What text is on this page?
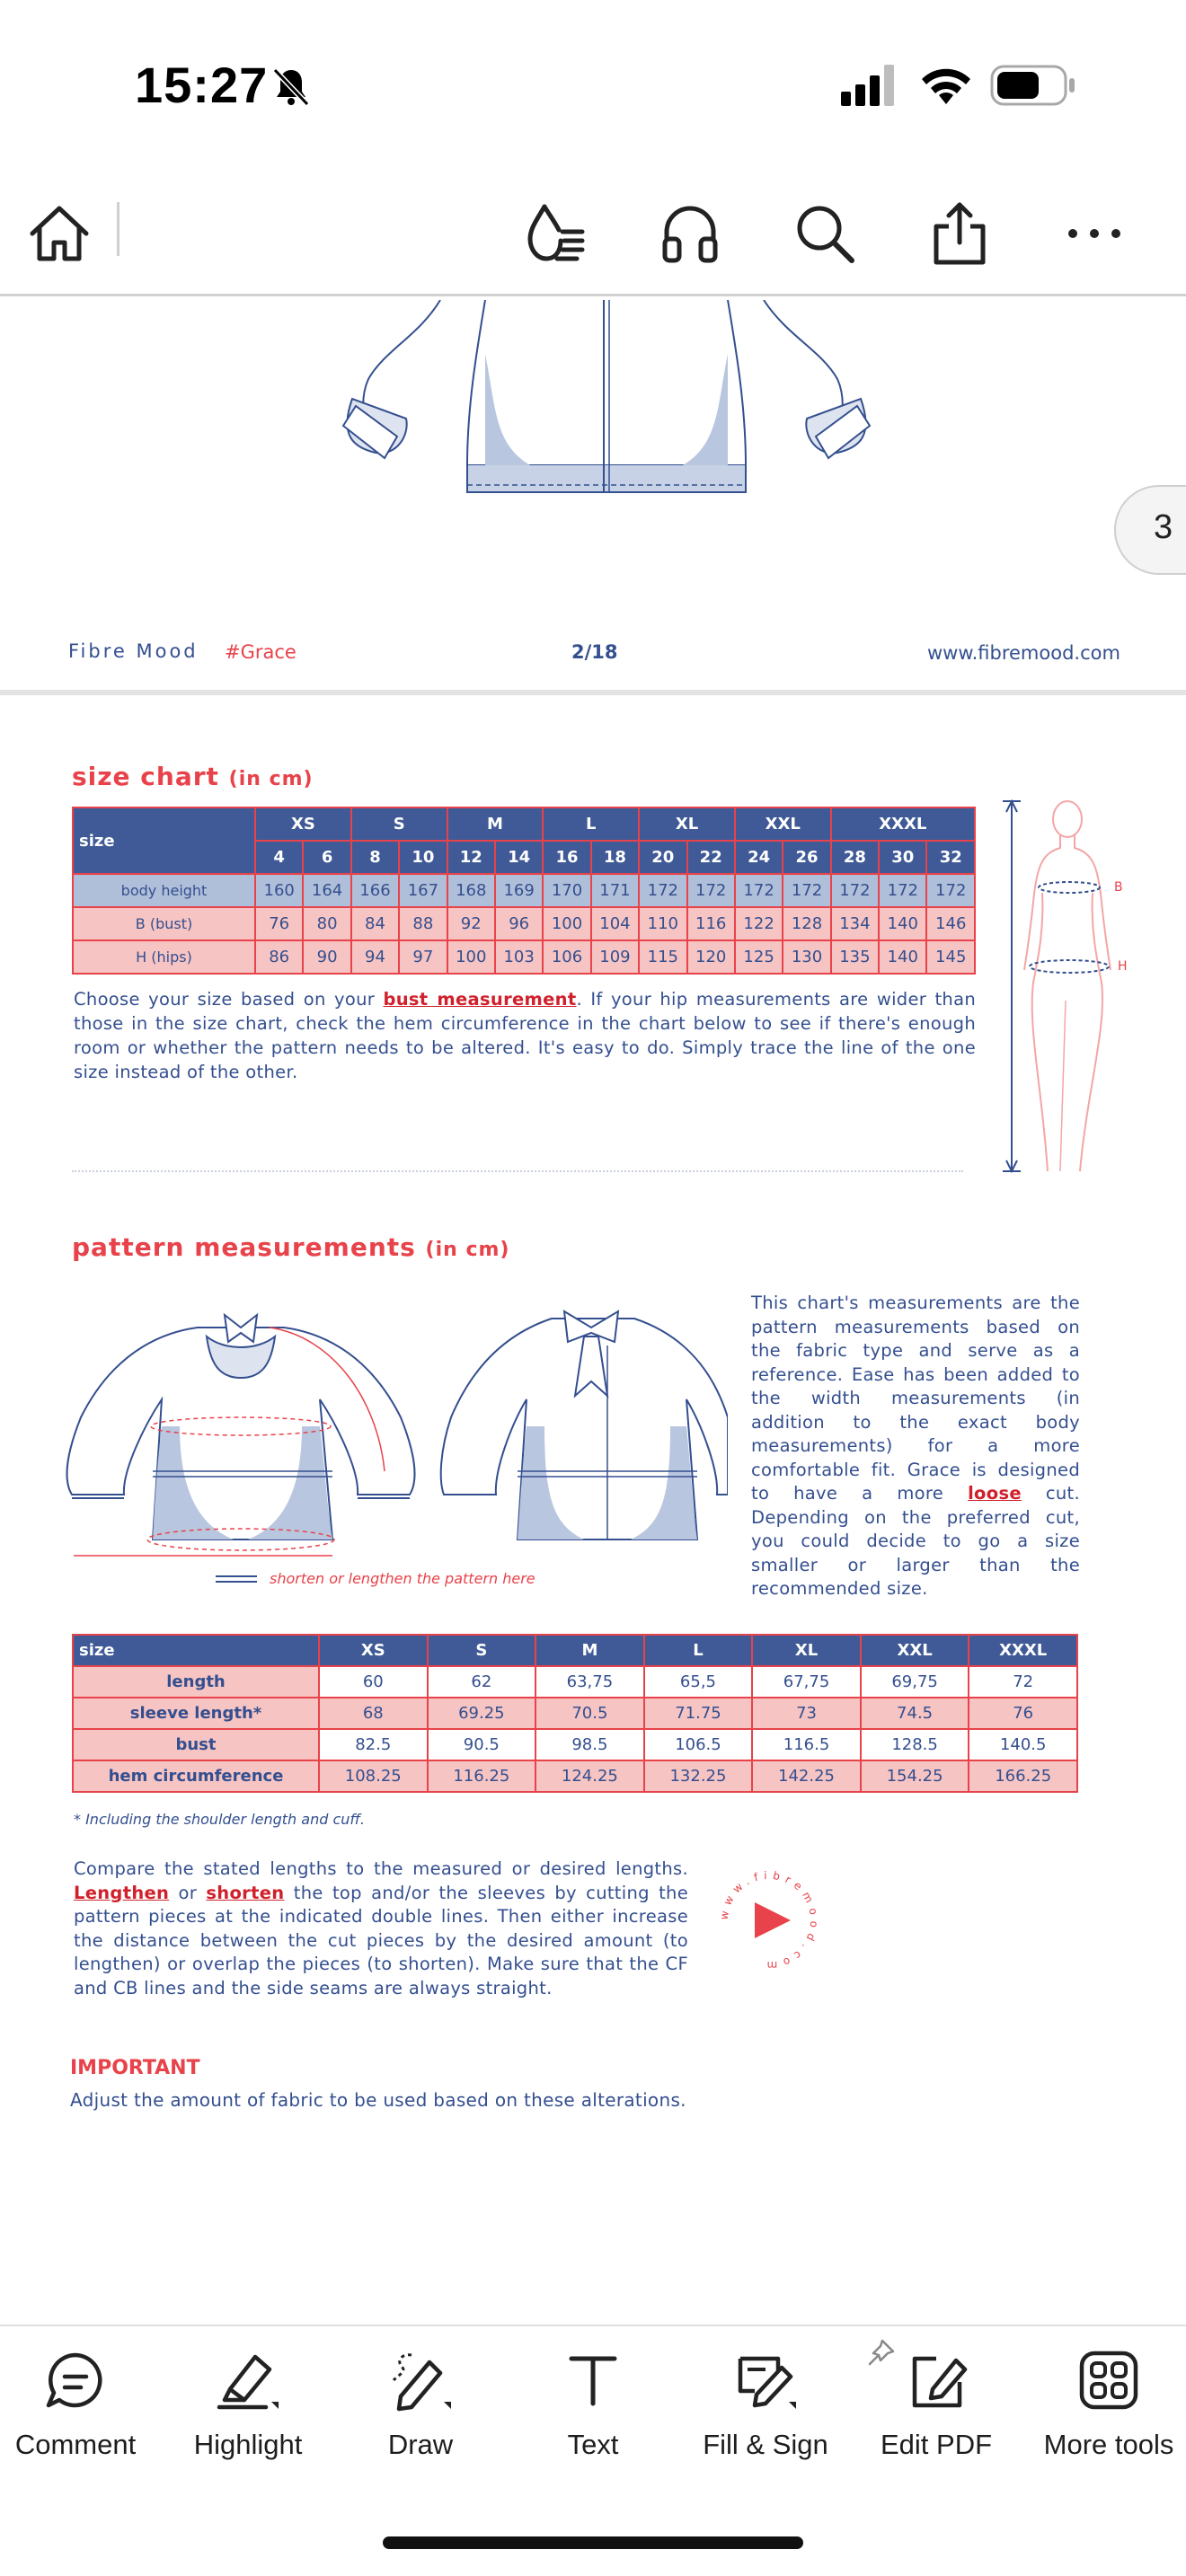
15:27
3
Fibre Mood #Grace	2/18	www.fibremood.com
size chart (in cm)
size	XS		S		M		L		XL		XXL		XXXL		
	4	6	8	10	12	14	16	18	20	22	24	26	28	30	32
body height	160	164	166	167	168	169	170	171	172	172	172	172	172	172	172
B (bust)	76	80	84	88	92	96	100	104	110	116	122	128	134	140	146
H (hips)	86	90	94	97	100	103	106	109	115	120	125	130	135	140	145

Choose your size based on your bust measurement. If your hip measurements are wider than those in the size chart, check the hem circumference in the chart below to see if there's enough room or whether the pattern needs to be altered. It's easy to do. Simply trace the line of the one size instead of the other.

B
H
pattern measurements (in cm)
shorten or lengthen the pattern here

This chart's measurements are the pattern measurements based on the fabric type and serve as a reference. Ease has been added to the width measurements (in addition to the exact body measurements) for a more comfortable fit. Grace is designed to have a more loose cut. Depending on the preferred cut, you could decide to go a size smaller or larger than the recommended size.

size	XS	S	M	L	XL	XXL	XXXL
length	60	62	63,75	65,5	67,75	69,75	72
sleeve length*	68	69.25	70.5	71.75	73	74.5	76
bust	82.5	90.5	98.5	106.5	116.5	128.5	140.5
hem circumference	108.25	116.25	124.25	132.25	142.25	154.25	166.25
* Including the shoulder length and cuff.

Compare the stated lengths to the measured or desired lengths. Lengthen or shorten the top and/or the sleeves by cutting the pattern pieces at the indicated double lines. Then either increase the distance between the cut pieces by the desired amount (to lengthen) or overlap the pieces (to shorten). Make sure that the CF and CB lines and the side seams are always straight.

www.fibremood.com
IMPORTANT
Adjust the amount of fabric to be used based on these alterations.
Comment	Highlight	Draw	Text	Fill & Sign	Edit PDF	More tools
